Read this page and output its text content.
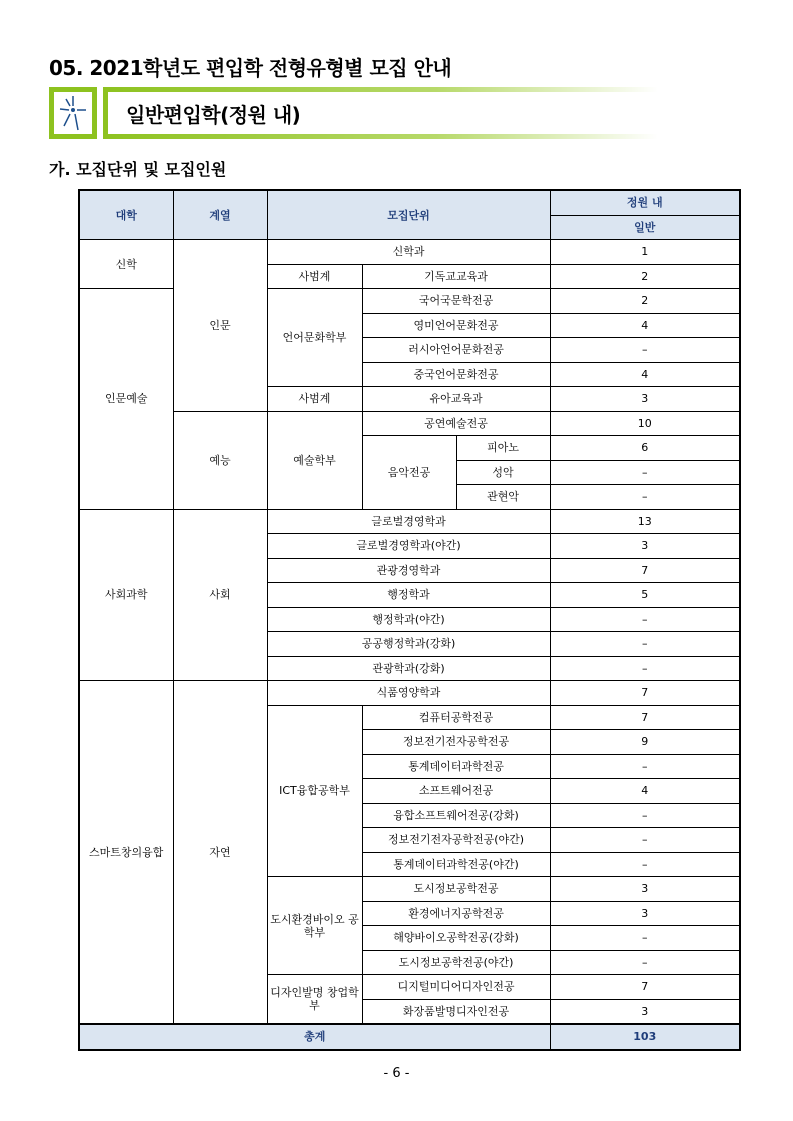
05. 2021학년도 편입학 전형유형별 모집 안내
일반편입학(정원 내)
가. 모집단위 및 모집인원
대학	계열	모집단위			정원 내
					일반
신학	인문	신학과			1
		사범계	기독교교육과		2
인문예술		언어문화학부	국어국문학전공		2
			영미언어문화전공		4
			러시아언어문화전공		–
			중국언어문화전공		4
		사범계	유아교육과		3
	예능	예술학부	공연예술전공		10
			음악전공	피아노	6
				성악	–
				관현악	–
사회과학	사회	글로벌경영학과			13
		글로벌경영학과(야간)			3
		관광경영학과			7
		행정학과			5
		행정학과(야간)			–
		공공행정학과(강화)			–
		관광학과(강화)			–
스마트창의융합	자연	식품영양학과			7
		ICT융합공학부	컴퓨터공학전공		7
			정보전기전자공학전공		9
			통계데이터과학전공		–
			소프트웨어전공		4
			융합소프트웨어전공(강화)		–
			정보전기전자공학전공(야간)		–
			통계데이터과학전공(야간)		–
		도시환경바이오 공학부	도시정보공학전공		3
			환경에너지공학전공		3
			해양바이오공학전공(강화)		–
			도시정보공학전공(야간)		–
		디자인발명 창업학부	디지털미디어디자인전공		7
			화장품발명디자인전공		3
총계					103
- 6 -
